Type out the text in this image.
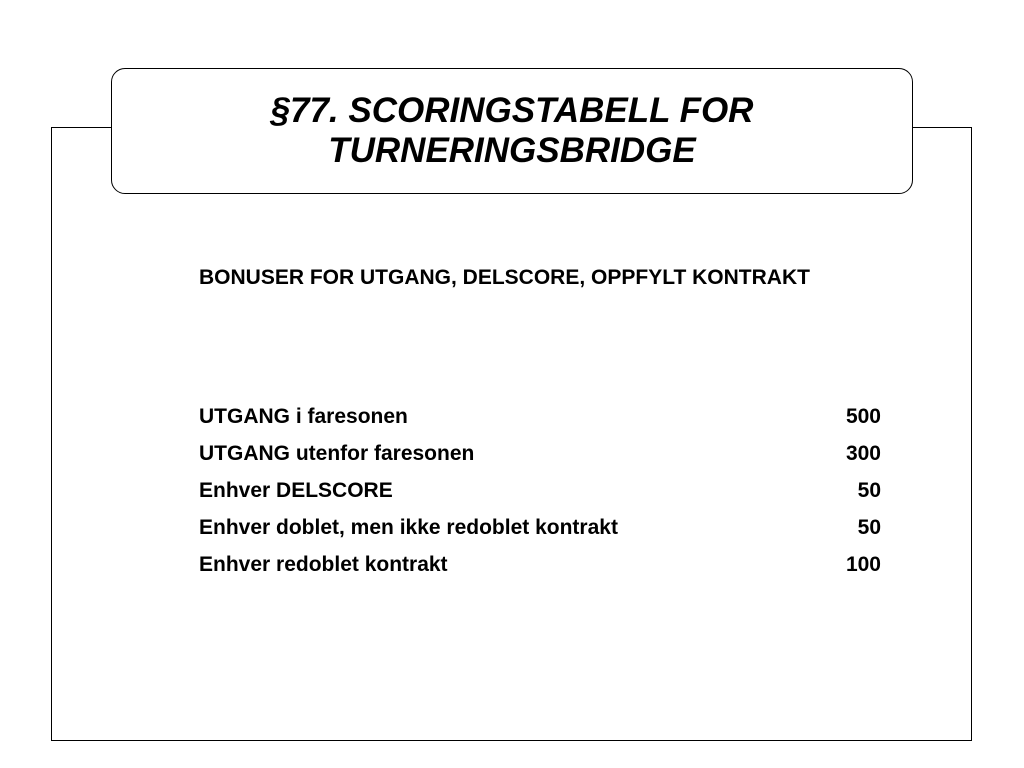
§77. SCORINGSTABELL FOR TURNERINGSBRIDGE

BONUSER FOR UTGANG, DELSCORE, OPPFYLT KONTRAKT

UTGANG i faresonen	500
UTGANG utenfor faresonen	300
Enhver DELSCORE	50
Enhver doblet, men ikke redoblet kontrakt	50
Enhver redoblet kontrakt	100
